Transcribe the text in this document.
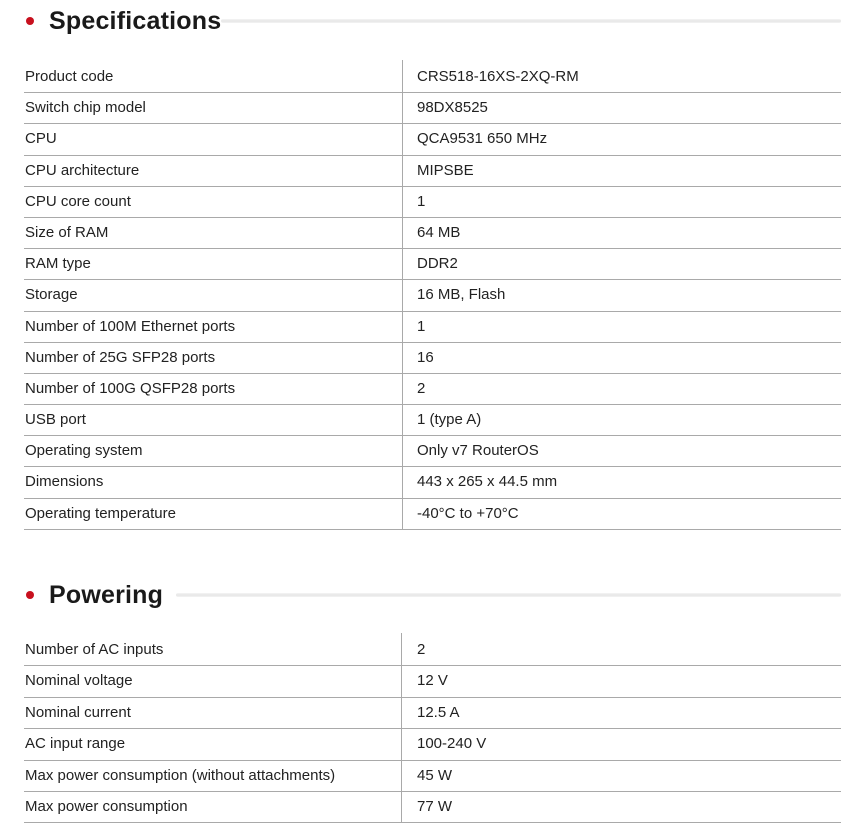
Specifications
Product code	CRS518-16XS-2XQ-RM
Switch chip model	98DX8525
CPU	QCA9531 650 MHz
CPU architecture	MIPSBE
CPU core count	1
Size of RAM	64 MB
RAM type	DDR2
Storage	16 MB, Flash
Number of 100M Ethernet ports	1
Number of 25G SFP28 ports	16
Number of 100G QSFP28 ports	2
USB port	1 (type A)
Operating system	Only v7 RouterOS
Dimensions	443 x 265 x 44.5 mm
Operating temperature	-40°C to +70°C
Powering
Number of AC inputs	2
Nominal voltage	12 V
Nominal current	12.5 A
AC input range	100-240 V
Max power consumption (without attachments)	45 W
Max power consumption	77 W
